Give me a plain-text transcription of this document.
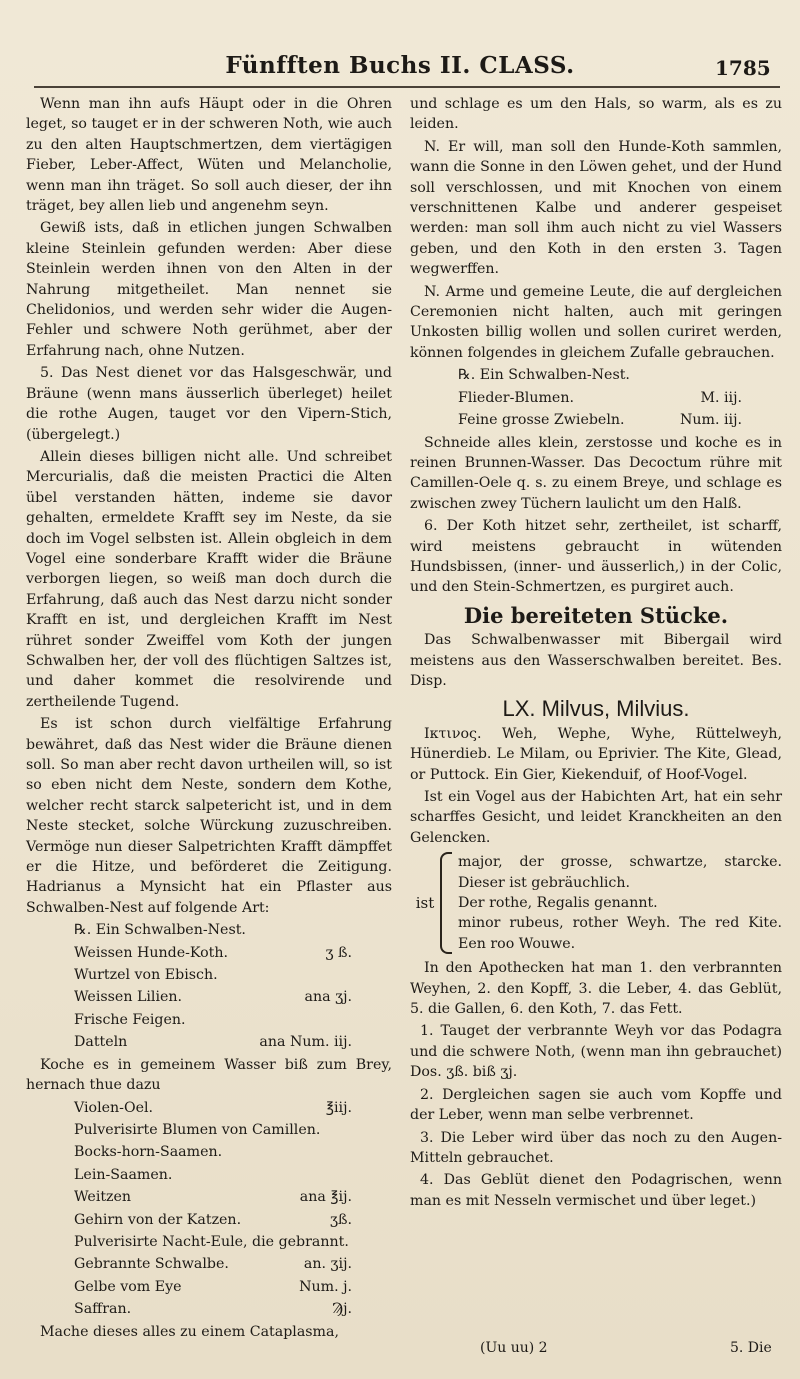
Fünfften Buchs II. CLASS.	1785

Wenn man ihn aufs Häupt oder in die Ohren leget, so tauget er in der schweren Noth, wie auch zu den alten Hauptschmertzen, dem viertägigen Fieber, Leber-Affect, Wüten und Melancholie, wenn man ihn träget. So soll auch dieser, der ihn träget, bey allen lieb und angenehm seyn.

Gewiß ists, daß in etlichen jungen Schwalben kleine Steinlein gefunden werden: Aber diese Steinlein werden ihnen von den Alten in der Nahrung mitgetheilet. Man nennet sie Chelidonios, und werden sehr wider die Augen-Fehler und schwere Noth gerühmet, aber der Erfahrung nach, ohne Nutzen.

5. Das Nest dienet vor das Halsgeschwär, und Bräune (wenn mans äusserlich überleget) heilet die rothe Augen, tauget vor den Vipern-Stich, (übergelegt.)

Allein dieses billigen nicht alle. Und schreibet Mercurialis, daß die meisten Practici die Alten übel verstanden hätten, indeme sie davor gehalten, ermeldete Krafft sey im Neste, da sie doch im Vogel selbsten ist. Allein obgleich in dem Vogel eine sonderbare Krafft wider die Bräune verborgen liegen, so weiß man doch durch die Erfahrung, daß auch das Nest darzu nicht sonder Krafft en ist, und dergleichen Krafft im Nest rühret sonder Zweiffel vom Koth der jungen Schwalben her, der voll des flüchtigen Saltzes ist, und daher kommet die resolvirende und zertheilende Tugend.

Es ist schon durch vielfältige Erfahrung bewähret, daß das Nest wider die Bräune dienen soll. So man aber recht davon urtheilen will, so ist so eben nicht dem Neste, sondern dem Kothe, welcher recht starck salpetericht ist, und in dem Neste stecket, solche Würckung zuzuschreiben. Vermöge nun dieser Salpetrichten Krafft dämpffet er die Hitze, und beförderet die Zeitigung. Hadrianus a Mynsicht hat ein Pflaster aus Schwalben-Nest auf folgende Art:

℞. Ein Schwalben-Nest.

Weissen Hunde-Koth.	ʒ ß.

Wurtzel von Ebisch.

Weissen Lilien.	ana ʒj.

Frische Feigen.

Datteln	ana Num. iij.

Koche es in gemeinem Wasser biß zum Brey, hernach thue dazu

Violen-Oel.	℥iij.

Pulverisirte Blumen von Camillen.

Bocks-horn-Saamen.

Lein-Saamen.

Weitzen	ana ℥ij.

Gehirn von der Katzen.	ʒß.

Pulverisirte Nacht-Eule, die gebrannt.

Gebrannte Schwalbe.	an. ʒij.

Gelbe vom Eye	Num. j.

Saffran.	Ϡj.

Mache dieses alles zu einem Cataplasma,

und schlage es um den Hals, so warm, als es zu leiden.

N. Er will, man soll den Hunde-Koth sammlen, wann die Sonne in den Löwen gehet, und der Hund soll verschlossen, und mit Knochen von einem verschnittenen Kalbe und anderer gespeiset werden: man soll ihm auch nicht zu viel Wassers geben, und den Koth in den ersten 3. Tagen wegwerffen.

N. Arme und gemeine Leute, die auf dergleichen Ceremonien nicht halten, auch mit geringen Unkosten billig wollen und sollen curiret werden, können folgendes in gleichem Zufalle gebrauchen.

℞. Ein Schwalben-Nest.

Flieder-Blumen.	M. iij.

Feine grosse Zwiebeln.	Num. iij.

Schneide alles klein, zerstosse und koche es in reinen Brunnen-Wasser. Das Decoctum rühre mit Camillen-Oele q. s. zu einem Breye, und schlage es zwischen zwey Tüchern laulicht um den Halß.

6. Der Koth hitzet sehr, zertheilet, ist scharff, wird meistens gebraucht in wütenden Hundsbissen, (inner- und äusserlich,) in der Colic, und den Stein-Schmertzen, es purgiret auch.

Die bereiteten Stücke.

Das Schwalbenwasser mit Bibergail wird meistens aus den Wasserschwalben bereitet. Bes. Disp.

LX. Milvus, Milvius.

Ικτινος. Weh, Wephe, Wyhe, Rüttelweyh, Hünerdieb. Le Milam, ou Eprivier. The Kite, Glead, or Puttock. Ein Gier, Kiekenduif, of Hoof-Vogel.

Ist ein Vogel aus der Habichten Art, hat ein sehr scharffes Gesicht, und leidet Kranckheiten an den Gelencken.

ist
major, der grosse, schwartze, starcke. Dieser ist gebräuchlich.
Der rothe, Regalis genannt.
minor rubeus, rother Weyh. The red Kite. Een roo Wouwe.

In den Apothecken hat man 1. den verbrannten Weyhen, 2. den Kopff, 3. die Leber, 4. das Geblüt, 5. die Gallen, 6. den Koth, 7. das Fett.

1. Tauget der verbrannte Weyh vor das Podagra und die schwere Noth, (wenn man ihn gebrauchet) Dos. ʒß. biß ʒj.

2. Dergleichen sagen sie auch vom Kopffe und der Leber, wenn man selbe verbrennet.

3. Die Leber wird über das noch zu den Augen-Mitteln gebrauchet.

4. Das Geblüt dienet den Podagrischen, wenn man es mit Nesseln vermischet und über leget.)

(Uu uu) 2	5. Die
